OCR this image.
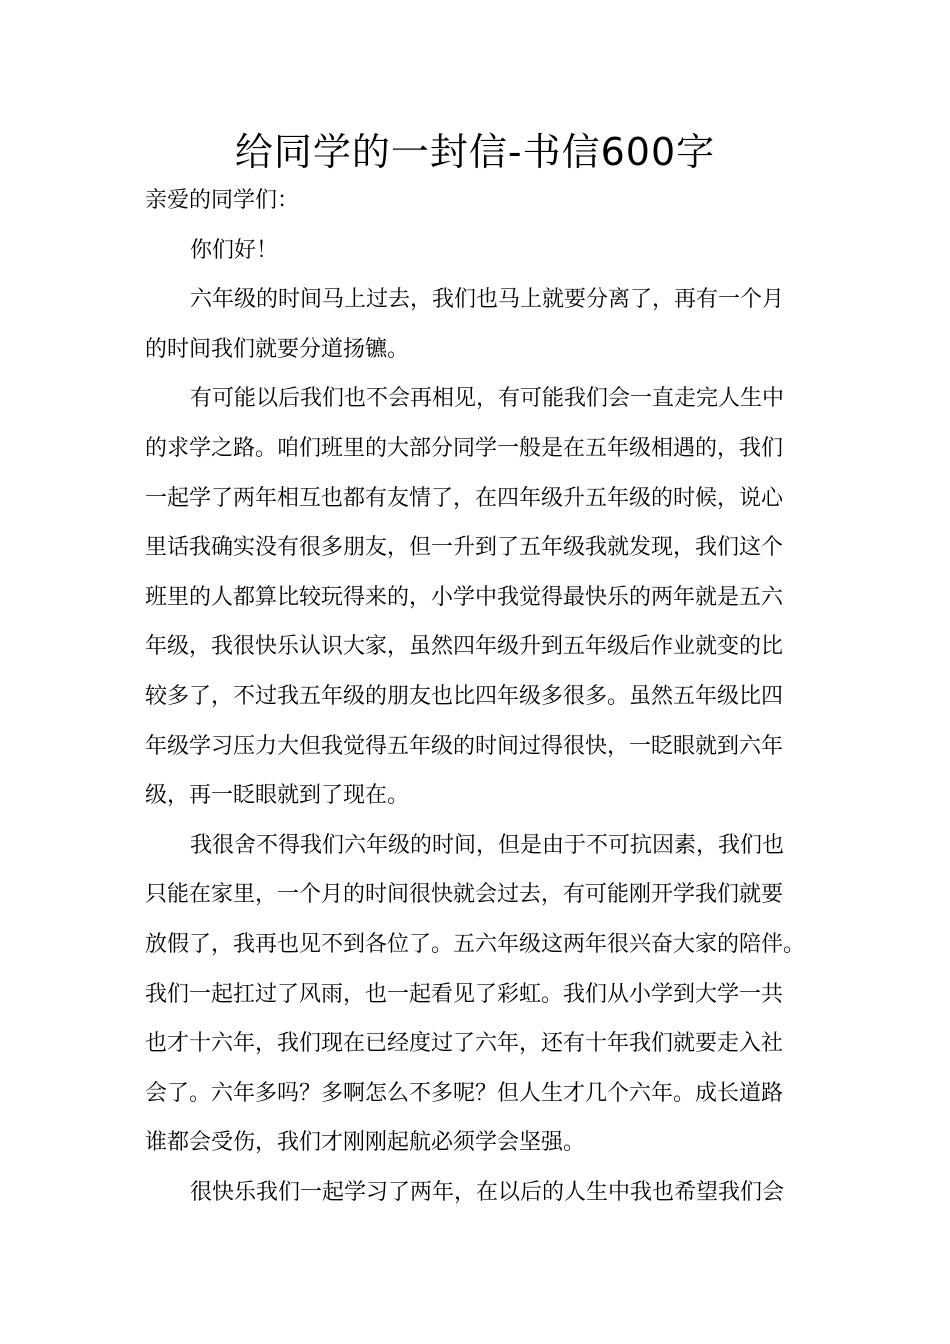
给同学的一封信-书信600字
亲爱的同学们：
你们好！
六年级的时间马上过去，我们也马上就要分离了，再有一个月
的时间我们就要分道扬镳。
有可能以后我们也不会再相见，有可能我们会一直走完人生中
的求学之路。咱们班里的大部分同学一般是在五年级相遇的，我们
一起学了两年相互也都有友情了，在四年级升五年级的时候，说心
里话我确实没有很多朋友，但一升到了五年级我就发现，我们这个
班里的人都算比较玩得来的，小学中我觉得最快乐的两年就是五六
年级，我很快乐认识大家，虽然四年级升到五年级后作业就变的比
较多了，不过我五年级的朋友也比四年级多很多。虽然五年级比四
年级学习压力大但我觉得五年级的时间过得很快，一眨眼就到六年
级，再一眨眼就到了现在。
我很舍不得我们六年级的时间，但是由于不可抗因素，我们也
只能在家里，一个月的时间很快就会过去，有可能刚开学我们就要
放假了，我再也见不到各位了。五六年级这两年很兴奋大家的陪伴。
我们一起扛过了风雨，也一起看见了彩虹。我们从小学到大学一共
也才十六年，我们现在已经度过了六年，还有十年我们就要走入社
会了。六年多吗？多啊怎么不多呢？但人生才几个六年。成长道路
谁都会受伤，我们才刚刚起航必须学会坚强。
很快乐我们一起学习了两年，在以后的人生中我也希望我们会
